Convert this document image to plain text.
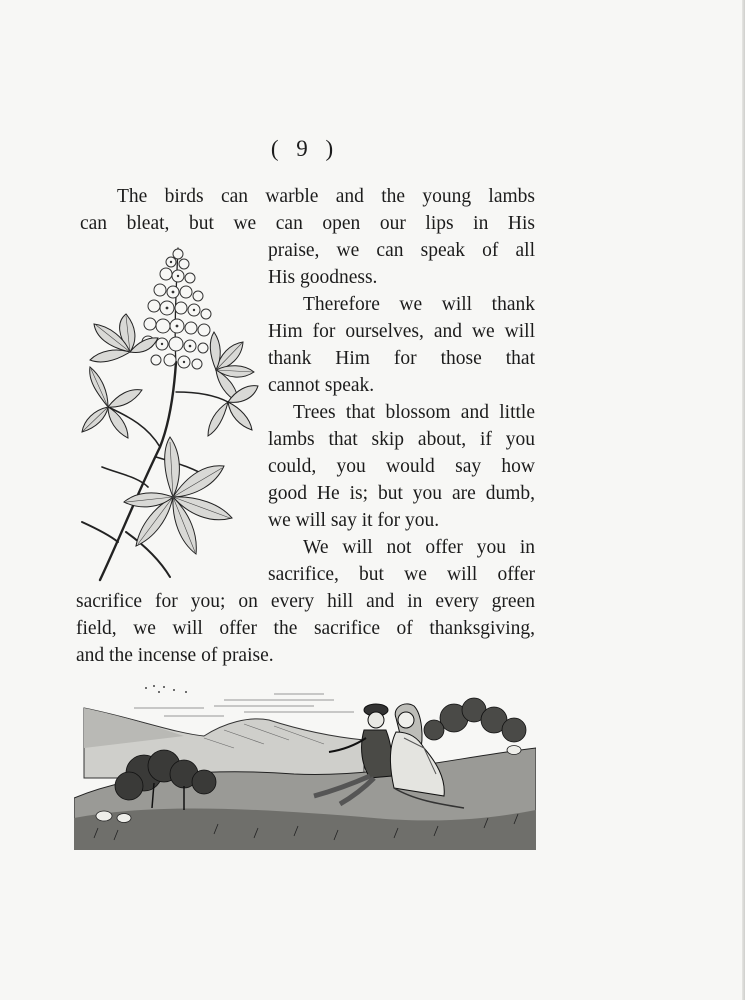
( 9 )
The birds can warble and the young lambs
can bleat, but we can open our lips in His
praise, we can speak of all
His goodness.
Therefore we will thank
Him for ourselves, and we will
thank Him for those that
cannot speak.
Trees that blossom and little
lambs that skip about, if you
could, you would say how
good He is; but you are dumb,
we will say it for you.
We will not offer you in
sacrifice, but we will offer
sacrifice for you; on every hill and in every green
field, we will offer the sacrifice of thanksgiving,
and the incense of praise.
